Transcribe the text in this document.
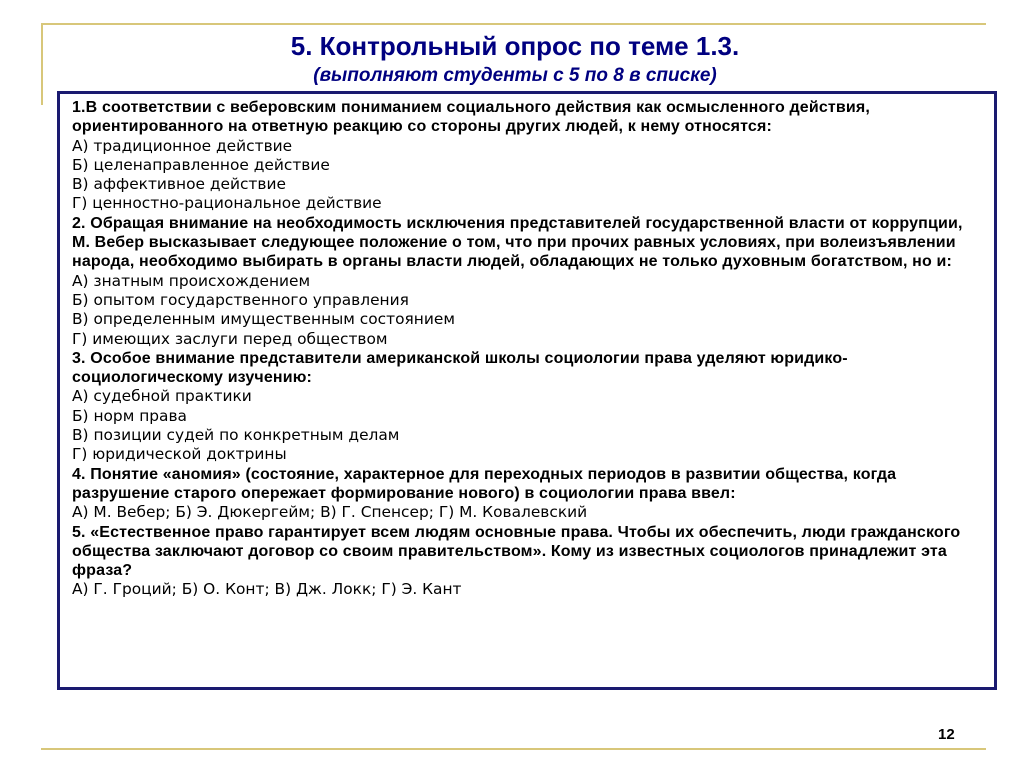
5. Контрольный опрос по теме 1.3.
(выполняют студенты с 5 по 8 в списке)

1.В соответствии с веберовским пониманием социального действия как осмысленного действия, ориентированного на ответную реакцию со стороны других людей, к нему относятся:

А) традиционное действие

Б) целенаправленное действие

В) аффективное действие

Г) ценностно-рациональное действие

2. Обращая внимание на необходимость исключения представителей государственной власти от коррупции, М. Вебер высказывает следующее положение о том, что при прочих равных условиях, при волеизъявлении народа, необходимо выбирать в органы власти людей, обладающих не только духовным богатством, но и:

А) знатным происхождением

Б) опытом государственного управления

В) определенным имущественным состоянием

Г) имеющих заслуги перед обществом

3. Особое внимание представители американской школы социологии права уделяют юридико-социологическому изучению:

А) судебной практики

Б) норм права

В) позиции судей по конкретным делам

Г) юридической доктрины

4. Понятие «аномия» (состояние, характерное для переходных периодов в развитии общества, когда разрушение старого опережает формирование нового) в социологии права ввел:

А) М. Вебер; Б) Э. Дюкергейм; В) Г. Спенсер; Г) М. Ковалевский

5. «Естественное право гарантирует всем людям основные права. Чтобы их обеспечить, люди гражданского общества заключают договор со своим правительством». Кому из известных социологов принадлежит эта фраза?

А) Г. Гроций; Б) О. Конт; В) Дж. Локк; Г) Э. Кант

12
